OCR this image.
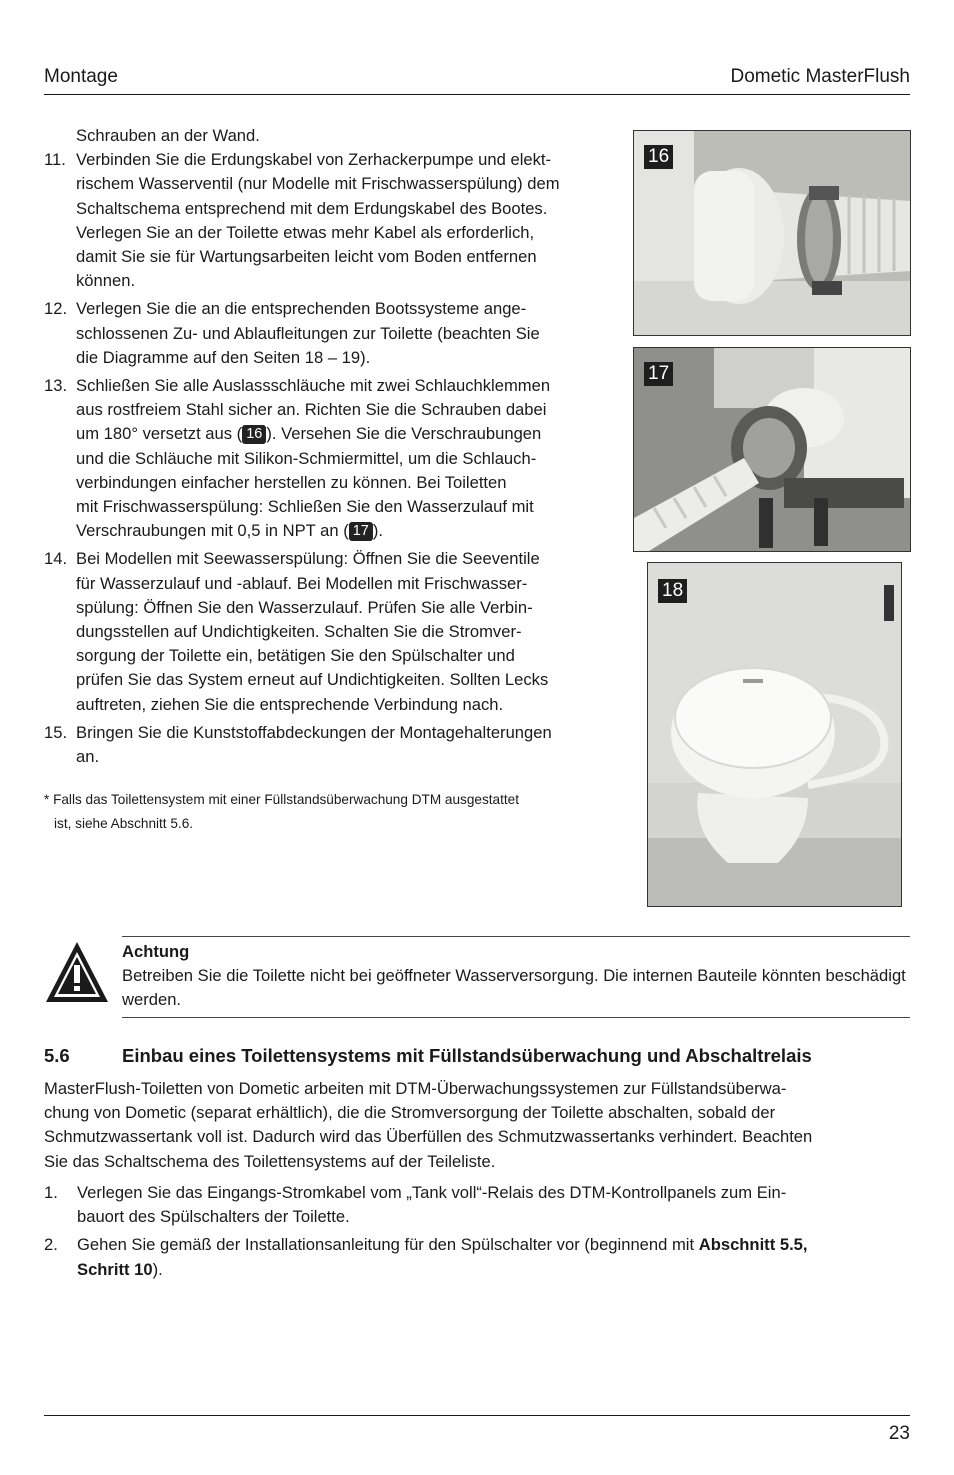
Montage	Dometic MasterFlush
Schrauben an der Wand.
11. Verbinden Sie die Erdungskabel von Zerhackerpumpe und elekt-
rischem Wasserventil (nur Modelle mit Frischwasserspülung) dem
Schaltschema entsprechend mit dem Erdungskabel des Bootes.
Verlegen Sie an der Toilette etwas mehr Kabel als erforderlich,
damit Sie sie für Wartungsarbeiten leicht vom Boden entfernen
können.
12. Verlegen Sie die an die entsprechenden Bootssysteme ange-
schlossenen Zu- und Ablaufleitungen zur Toilette (beachten Sie
die Diagramme auf den Seiten 18 – 19).
13. Schließen Sie alle Auslassschläuche mit zwei Schlauchklemmen
aus rostfreiem Stahl sicher an. Richten Sie die Schrauben dabei
um 180° versetzt aus ( 16 ). Versehen Sie die Verschraubungen
und die Schläuche mit Silikon-Schmiermittel, um die Schlauch-
verbindungen einfacher herstellen zu können. Bei Toiletten
mit Frischwasserspülung: Schließen Sie den Wasserzulauf mit
Verschraubungen mit 0,5 in NPT an ( 17 ).
14. Bei Modellen mit Seewasserspülung: Öffnen Sie die Seeventile
für Wasserzulauf und -ablauf. Bei Modellen mit Frischwasser-
spülung: Öffnen Sie den Wasserzulauf. Prüfen Sie alle Verbin-
dungsstellen auf Undichtigkeiten. Schalten Sie die Stromver-
sorgung der Toilette ein, betätigen Sie den Spülschalter und
prüfen Sie das System erneut auf Undichtigkeiten. Sollten Lecks
auftreten, ziehen Sie die entsprechende Verbindung nach.
15. Bringen Sie die Kunststoffabdeckungen der Montagehalterungen
an.
* Falls das Toilettensystem mit einer Füllstandsüberwachung DTM ausgestattet
ist, siehe Abschnitt 5.6.
16
17
18
Achtung
Betreiben Sie die Toilette nicht bei geöffneter Wasserversorgung. Die internen Bauteile könnten beschädigt werden.
5.6	Einbau eines Toilettensystems mit Füllstandsüberwachung und Abschaltrelais
MasterFlush-Toiletten von Dometic arbeiten mit DTM-Überwachungssystemen zur Füllstandsüberwa-
chung von Dometic (separat erhältlich), die die Stromversorgung der Toilette abschalten, sobald der
Schmutzwassertank voll ist. Dadurch wird das Überfüllen des Schmutzwassertanks verhindert. Beachten
Sie das Schaltschema des Toilettensystems auf der Teileliste.
1. Verlegen Sie das Eingangs-Stromkabel vom „Tank voll“-Relais des DTM-Kontrollpanels zum Ein-
bauort des Spülschalters der Toilette.
2. Gehen Sie gemäß der Installationsanleitung für den Spülschalter vor (beginnend mit Abschnitt 5.5,
Schritt 10).
23
